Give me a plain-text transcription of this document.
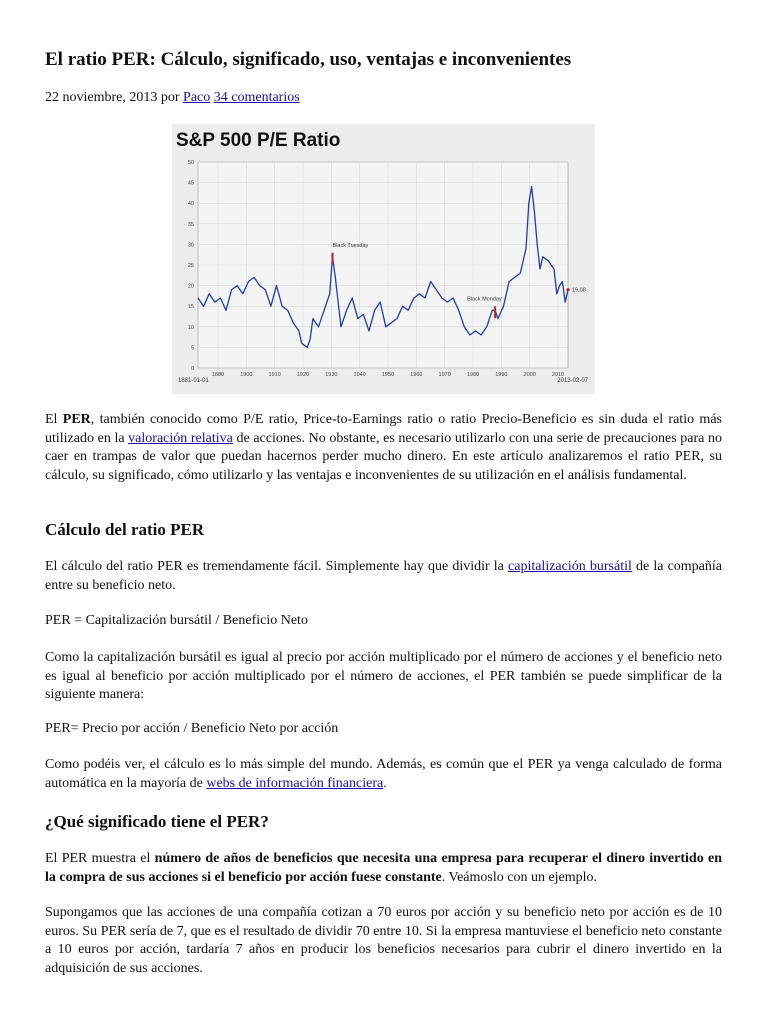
El ratio PER: Cálculo, significado, uso, ventajas e inconvenientes

22 noviembre, 2013 por Paco 34 comentarios

S&P 500 P/E Ratio
0
5
10
15
20
25
30
35
40
45
50
1880	1900	1910	1920	1930	1940	1950	1960	1970	1980	1990	2000	2010
Black Tuesday
Black Monday
19.08
1881-01-01	2013-02-07

El PER, también conocido como P/E ratio, Price-to-Earnings ratio o ratio Precio-Beneficio es sin duda el ratio más utilizado en la valoración relativa de acciones. No obstante, es necesario utilizarlo con una serie de precauciones para no caer en trampas de valor que puedan hacernos perder mucho dinero. En este artículo analizaremos el ratio PER, su cálculo, su significado, cómo utilizarlo y las ventajas e inconvenientes de su utilización en el análisis fundamental.

Cálculo del ratio PER

El cálculo del ratio PER es tremendamente fácil. Simplemente hay que dividir la capitalización bursátil de la compañía entre su beneficio neto.

PER = Capitalización bursátil / Beneficio Neto

Como la capitalización bursátil es igual al precio por acción multiplicado por el número de acciones y el beneficio neto es igual al beneficio por acción multiplicado por el número de acciones, el PER también se puede simplificar de la siguiente manera:

PER= Precio por acción / Beneficio Neto por acción

Como podéis ver, el cálculo es lo más simple del mundo. Además, es común que el PER ya venga calculado de forma automática en la mayoría de webs de información financiera.

¿Qué significado tiene el PER?

El PER muestra el número de años de beneficios que necesita una empresa para recuperar el dinero invertido en la compra de sus acciones si el beneficio por acción fuese constante. Veámoslo con un ejemplo.

Supongamos que las acciones de una compañía cotizan a 70 euros por acción y su beneficio neto por acción es de 10 euros. Su PER sería de 7, que es el resultado de dividir 70 entre 10. Si la empresa mantuviese el beneficio neto constante a 10 euros por acción, tardaría 7 años en producir los beneficios necesarios para cubrir el dinero invertido en la adquisición de sus acciones.
